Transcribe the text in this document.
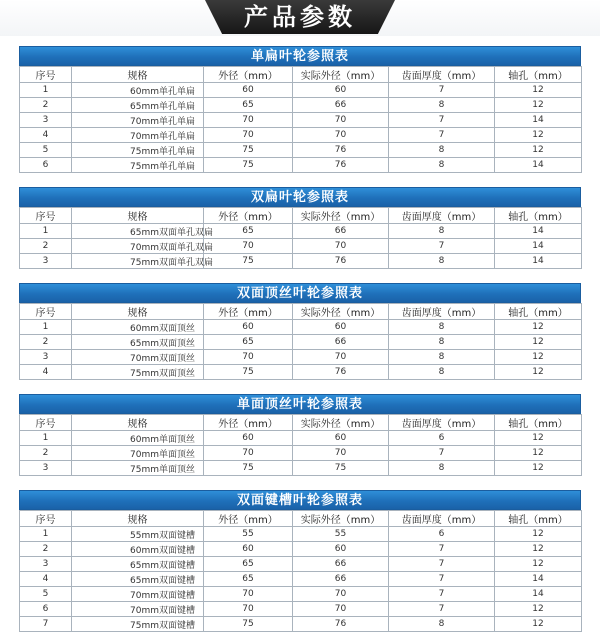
产品参数
单扁叶轮参照表
序号	规格	外径（mm）	实际外径（mm）	齿面厚度（mm）	轴孔（mm）
1	60mm单孔单扁	60	60	7	12
2	65mm单孔单扁	65	66	8	12
3	70mm单孔单扁	70	70	7	14
4	70mm单孔单扁	70	70	7	12
5	75mm单孔单扁	75	76	8	12
6	75mm单孔单扁	75	76	8	14
双扁叶轮参照表
序号	规格	外径（mm）	实际外径（mm）	齿面厚度（mm）	轴孔（mm）
1	65mm双面单孔双扁	65	66	8	14
2	70mm双面单孔双扁	70	70	7	14
3	75mm双面单孔双扁	75	76	8	14
双面顶丝叶轮参照表
序号	规格	外径（mm）	实际外径（mm）	齿面厚度（mm）	轴孔（mm）
1	60mm双面顶丝	60	60	8	12
2	65mm双面顶丝	65	66	8	12
3	70mm双面顶丝	70	70	8	12
4	75mm双面顶丝	75	76	8	12
单面顶丝叶轮参照表
序号	规格	外径（mm）	实际外径（mm）	齿面厚度（mm）	轴孔（mm）
1	60mm单面顶丝	60	60	6	12
2	70mm单面顶丝	70	70	7	12
3	75mm单面顶丝	75	75	8	12
双面键槽叶轮参照表
序号	规格	外径（mm）	实际外径（mm）	齿面厚度（mm）	轴孔（mm）
1	55mm双面键槽	55	55	6	12
2	60mm双面键槽	60	60	7	12
3	65mm双面键槽	65	66	7	12
4	65mm双面键槽	65	66	7	14
5	70mm双面键槽	70	70	7	14
6	70mm双面键槽	70	70	7	12
7	75mm双面键槽	75	76	8	12
